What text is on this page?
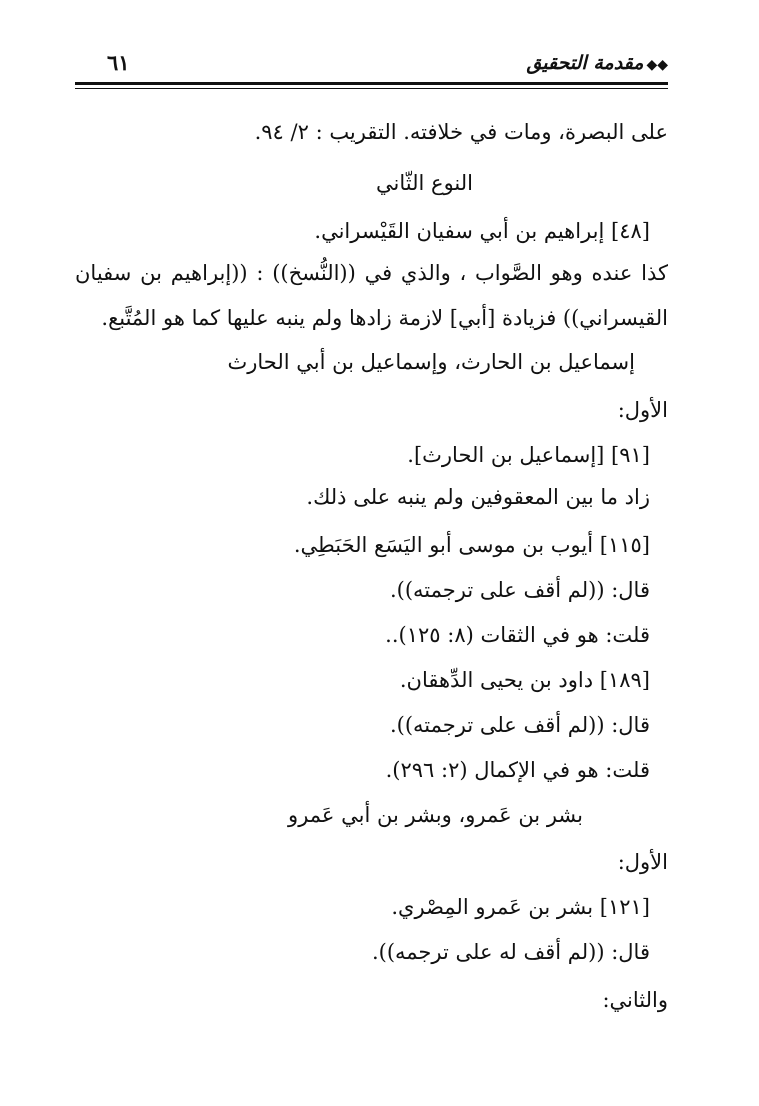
◆◆مقدمة التحقيق
٦١
على البصرة، ومات في خلافته. التقريب : ٢/ ٩٤.
النوع الثّاني
[٤٨] إبراهيم بن أبي سفيان القَيْسراني.
كذا عنده وهو الصَّواب ، والذي في ((النُّسخ)) : ((إبراهيم بن سفيان
القيسراني)) فزيادة [أبي] لازمة زادها ولم ينبه عليها كما هو المُتَّبع.
إسماعيل بن الحارث، وإسماعيل بن أبي الحارث
الأول:
[٩١] [إسماعيل بن الحارث].
زاد ما بين المعقوفين ولم ينبه على ذلك.
[١١٥] أيوب بن موسى أبو اليَسَع الحَبَطِي.
قال: ((لم أقف على ترجمته)).
قلت: هو في الثقات (٨: ١٢٥)..
[١٨٩] داود بن يحيى الدِّهقان.
قال: ((لم أقف على ترجمته)).
قلت: هو في الإكمال (٢: ٢٩٦).
بشر بن عَمرو، وبشر بن أبي عَمرو
الأول:
[١٢١] بشر بن عَمرو المِصْري.
قال: ((لم أقف له على ترجمه)).
والثاني:
